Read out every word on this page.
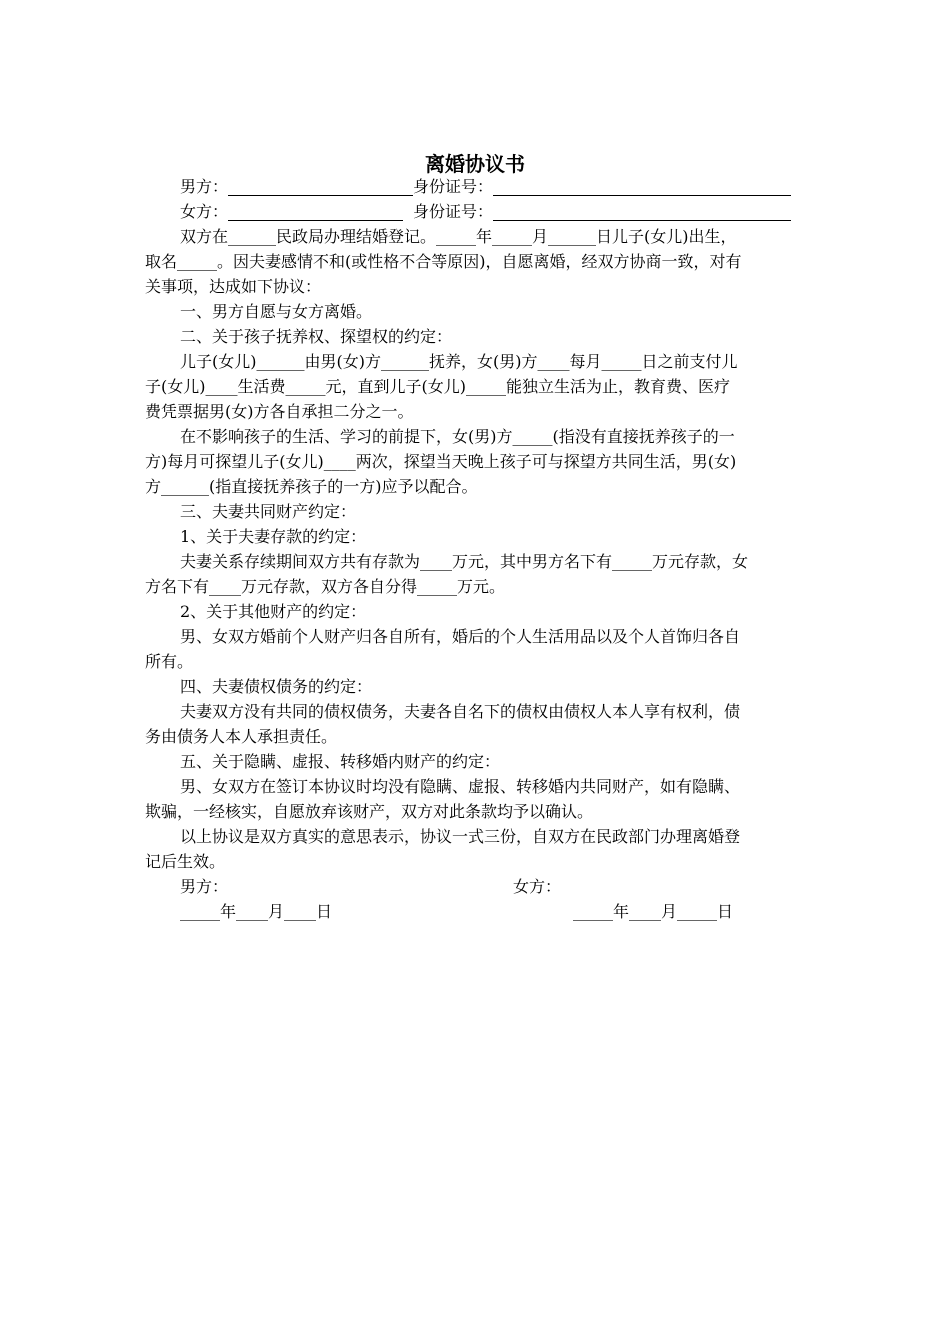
离婚协议书
男方：	身份证号：
女方：	身份证号：
双方在______民政局办理结婚登记。_____年_____月______日儿子(女儿)出生，
取名_____。因夫妻感情不和(或性格不合等原因)，自愿离婚，经双方协商一致，对有
关事项，达成如下协议：
一、男方自愿与女方离婚。
二、关于孩子抚养权、探望权的约定：
儿子(女儿)______由男(女)方______抚养，女(男)方____每月_____日之前支付儿
子(女儿)____生活费_____元，直到儿子(女儿)_____能独立生活为止，教育费、医疗
费凭票据男(女)方各自承担二分之一。
在不影响孩子的生活、学习的前提下，女(男)方_____(指没有直接抚养孩子的一
方)每月可探望儿子(女儿)____两次，探望当天晚上孩子可与探望方共同生活，男(女)
方______(指直接抚养孩子的一方)应予以配合。
三、夫妻共同财产约定：
1、关于夫妻存款的约定：
夫妻关系存续期间双方共有存款为____万元，其中男方名下有_____万元存款，女
方名下有____万元存款，双方各自分得_____万元。
2、关于其他财产的约定：
男、女双方婚前个人财产归各自所有，婚后的个人生活用品以及个人首饰归各自
所有。
四、夫妻债权债务的约定：
夫妻双方没有共同的债权债务，夫妻各自名下的债权由债权人本人享有权利，债
务由债务人本人承担责任。
五、关于隐瞒、虚报、转移婚内财产的约定：
男、女双方在签订本协议时均没有隐瞒、虚报、转移婚内共同财产，如有隐瞒、
欺骗，一经核实，自愿放弃该财产，双方对此条款均予以确认。
以上协议是双方真实的意思表示，协议一式三份，自双方在民政部门办理离婚登
记后生效。
男方：	女方：
_____年____月____日	_____年____月_____日
